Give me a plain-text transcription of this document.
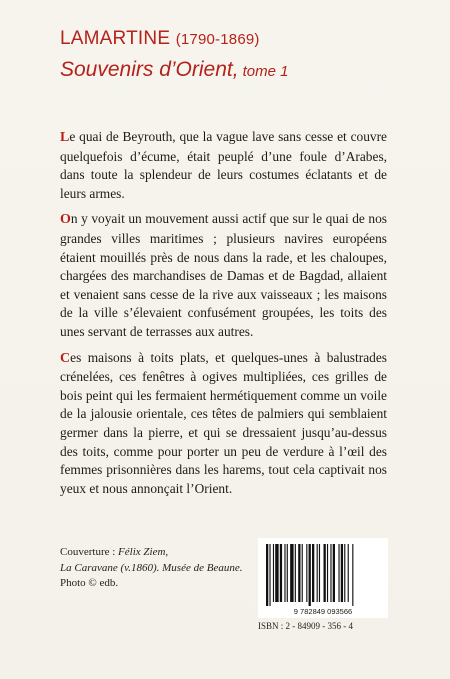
LAMARTINE (1790-1869)
Souvenirs d’Orient, tome 1

Le quai de Beyrouth, que la vague lave sans cesse et couvre quelquefois d’écume, était peuplé d’une foule d’Arabes, dans toute la splendeur de leurs costumes éclatants et de leurs armes.

On y voyait un mouvement aussi actif que sur le quai de nos grandes villes maritimes ; plusieurs navires européens étaient mouillés près de nous dans la rade, et les chaloupes, chargées des marchandises de Damas et de Bagdad, allaient et venaient sans cesse de la rive aux vaisseaux ; les maisons de la ville s’élevaient confusément groupées, les toits des unes servant de terrasses aux autres.

Ces maisons à toits plats, et quelques-unes à balustrades crénelées, ces fenêtres à ogives multipliées, ces grilles de bois peint qui les fermaient hermétiquement comme un voile de la jalousie orientale, ces têtes de palmiers qui semblaient germer dans la pierre, et qui se dressaient jusqu’au-dessus des toits, comme pour porter un peu de verdure à l’œil des femmes prisonnières dans les harems, tout cela captivait nos yeux et nous annonçait l’Orient.

Couverture : Félix Ziem,
La Caravane (v.1860). Musée de Beaune.
Photo © edb.
9 782849 093566
ISBN : 2 - 84909 - 356 - 4
